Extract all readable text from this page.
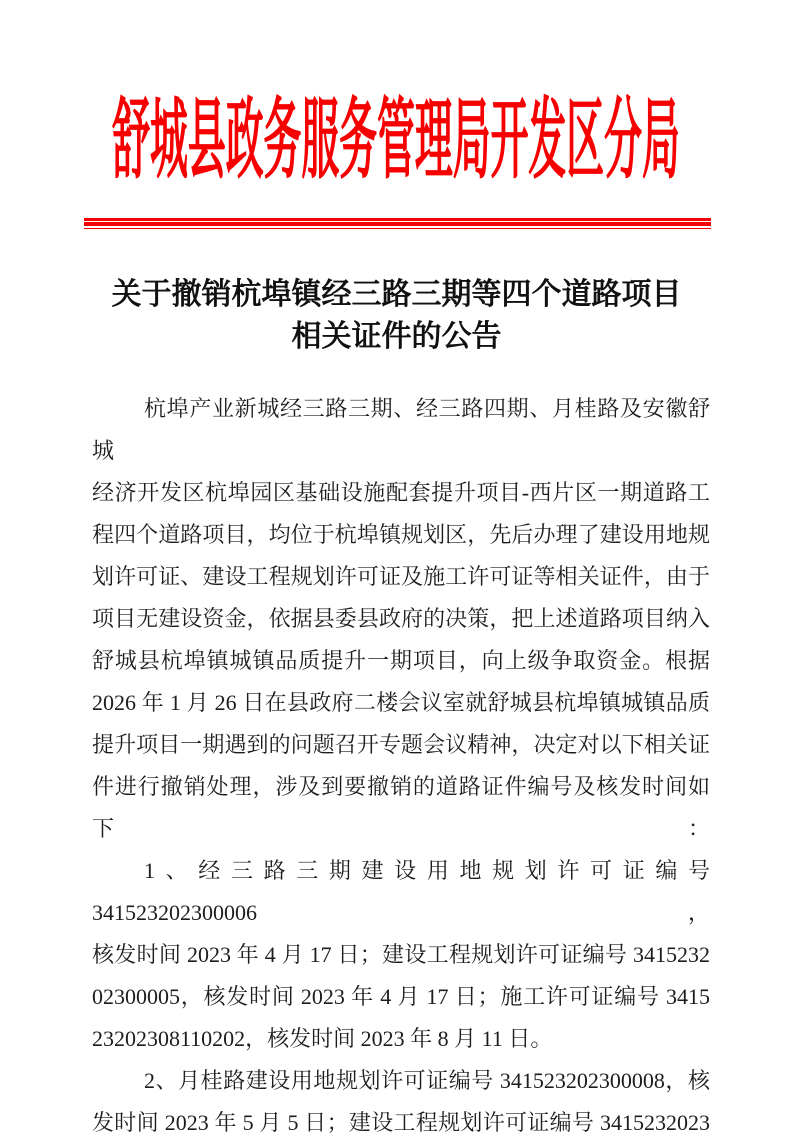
舒城县政务服务管理局开发区分局
关于撤销杭埠镇经三路三期等四个道路项目
相关证件的公告
杭埠产业新城经三路三期、经三路四期、月桂路及安徽舒城
经济开发区杭埠园区基础设施配套提升项目-西片区一期道路工
程四个道路项目，均位于杭埠镇规划区，先后办理了建设用地规
划许可证、建设工程规划许可证及施工许可证等相关证件，由于
项目无建设资金，依据县委县政府的决策，把上述道路项目纳入
舒城县杭埠镇城镇品质提升一期项目，向上级争取资金。根据
2026 年 1 月 26 日在县政府二楼会议室就舒城县杭埠镇城镇品质
提升项目一期遇到的问题召开专题会议精神，决定对以下相关证
件进行撤销处理，涉及到要撤销的道路证件编号及核发时间如下：
1、经三路三期建设用地规划许可证编号 341523202300006，
核发时间 2023 年 4 月 17 日；建设工程规划许可证编号 3415232
02300005，核发时间 2023 年 4 月 17 日；施工许可证编号 3415
23202308110202，核发时间 2023 年 8 月 11 日。
2、月桂路建设用地规划许可证编号 341523202300008，核
发时间 2023 年 5 月 5 日；建设工程规划许可证编号 3415232023
